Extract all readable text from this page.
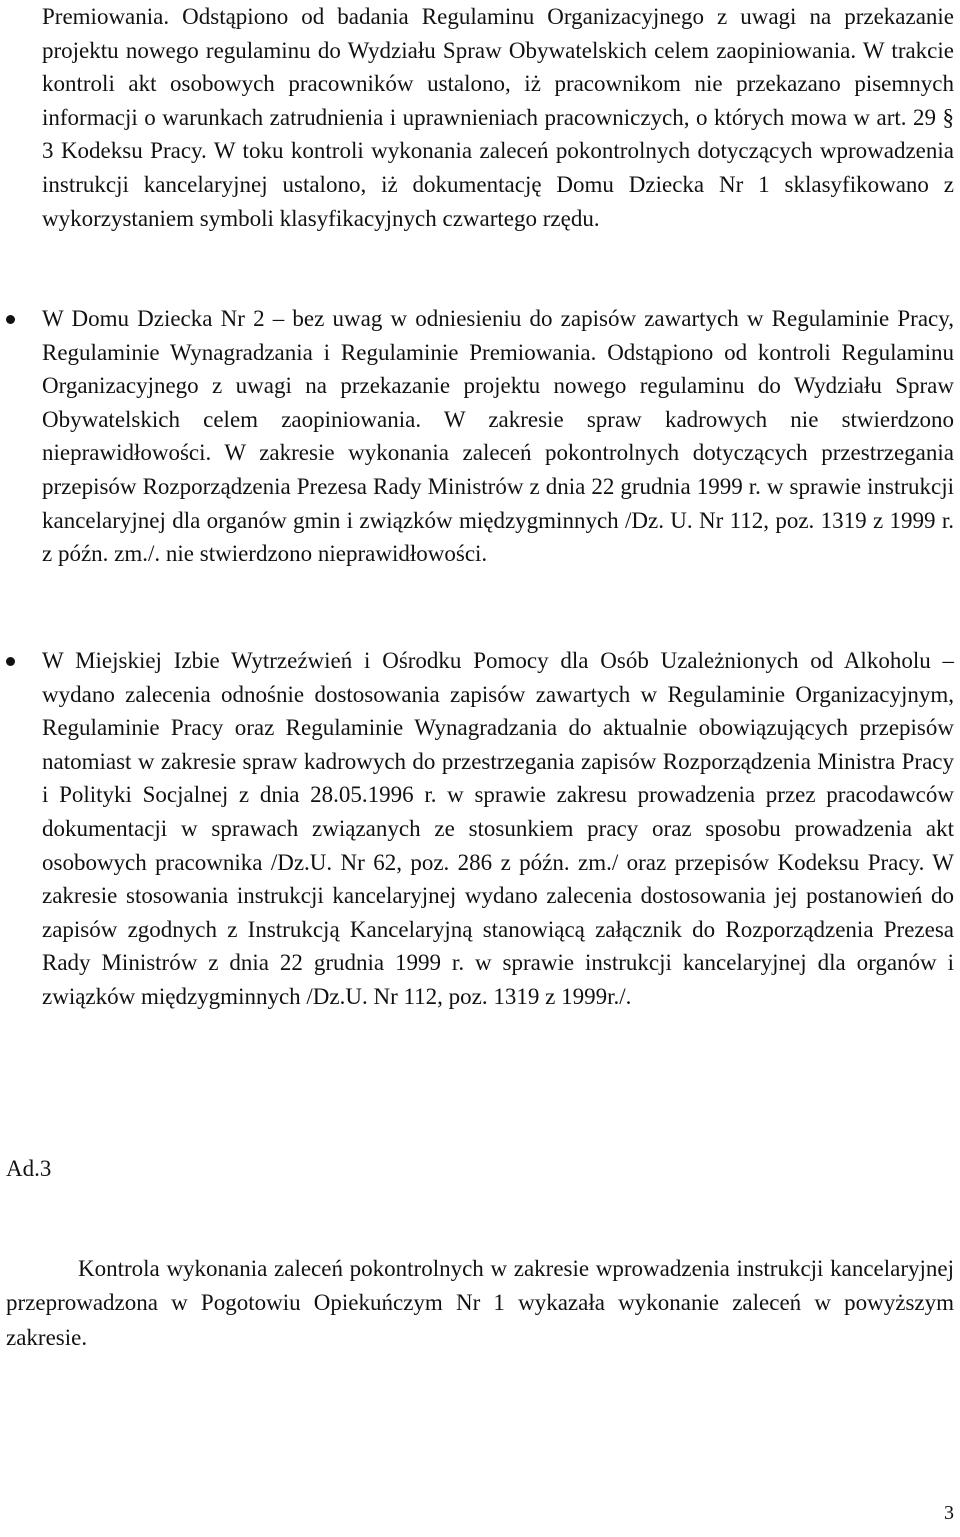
Premiowania. Odstąpiono od badania Regulaminu Organizacyjnego z uwagi na przekazanie projektu nowego regulaminu do Wydziału Spraw Obywatelskich celem zaopiniowania. W trakcie kontroli akt osobowych pracowników ustalono, iż pracownikom nie przekazano pisemnych informacji o warunkach zatrudnienia i uprawnieniach pracowniczych, o których mowa w art. 29 § 3 Kodeksu Pracy. W toku kontroli wykonania zaleceń pokontrolnych dotyczących wprowadzenia instrukcji kancelaryjnej ustalono, iż dokumentację Domu Dziecka Nr 1 sklasyfikowano z wykorzystaniem symboli klasyfikacyjnych czwartego rzędu.
W Domu Dziecka Nr 2 – bez uwag w odniesieniu do zapisów zawartych w Regulaminie Pracy, Regulaminie Wynagradzania i Regulaminie Premiowania. Odstąpiono od kontroli Regulaminu Organizacyjnego z uwagi na przekazanie projektu nowego regulaminu do Wydziału Spraw Obywatelskich celem zaopiniowania. W zakresie spraw kadrowych nie stwierdzono nieprawidłowości. W zakresie wykonania zaleceń pokontrolnych dotyczących przestrzegania przepisów Rozporządzenia Prezesa Rady Ministrów z dnia 22 grudnia 1999 r. w sprawie instrukcji kancelaryjnej dla organów gmin i związków międzygminnych /Dz. U. Nr 112, poz. 1319 z 1999 r. z późn. zm./. nie stwierdzono nieprawidłowości.
W Miejskiej Izbie Wytrzeźwień i Ośrodku Pomocy dla Osób Uzależnionych od Alkoholu – wydano zalecenia odnośnie dostosowania zapisów zawartych w Regulaminie Organizacyjnym, Regulaminie Pracy oraz Regulaminie Wynagradzania do aktualnie obowiązujących przepisów natomiast w zakresie spraw kadrowych do przestrzegania zapisów Rozporządzenia Ministra Pracy i Polityki Socjalnej z dnia 28.05.1996 r. w sprawie zakresu prowadzenia przez pracodawców dokumentacji w sprawach związanych ze stosunkiem pracy oraz sposobu prowadzenia akt osobowych pracownika /Dz.U. Nr 62, poz. 286 z późn. zm./ oraz przepisów Kodeksu Pracy. W zakresie stosowania instrukcji kancelaryjnej wydano zalecenia dostosowania jej postanowień do zapisów zgodnych z Instrukcją Kancelaryjną stanowiącą załącznik do Rozporządzenia Prezesa Rady Ministrów z dnia 22 grudnia 1999 r. w sprawie instrukcji kancelaryjnej dla organów i związków międzygminnych /Dz.U. Nr 112, poz. 1319 z 1999r./.
Ad.3
Kontrola wykonania zaleceń pokontrolnych w zakresie wprowadzenia instrukcji kancelaryjnej przeprowadzona w Pogotowiu Opiekuńczym Nr 1 wykazała wykonanie zaleceń w powyższym zakresie.
3
